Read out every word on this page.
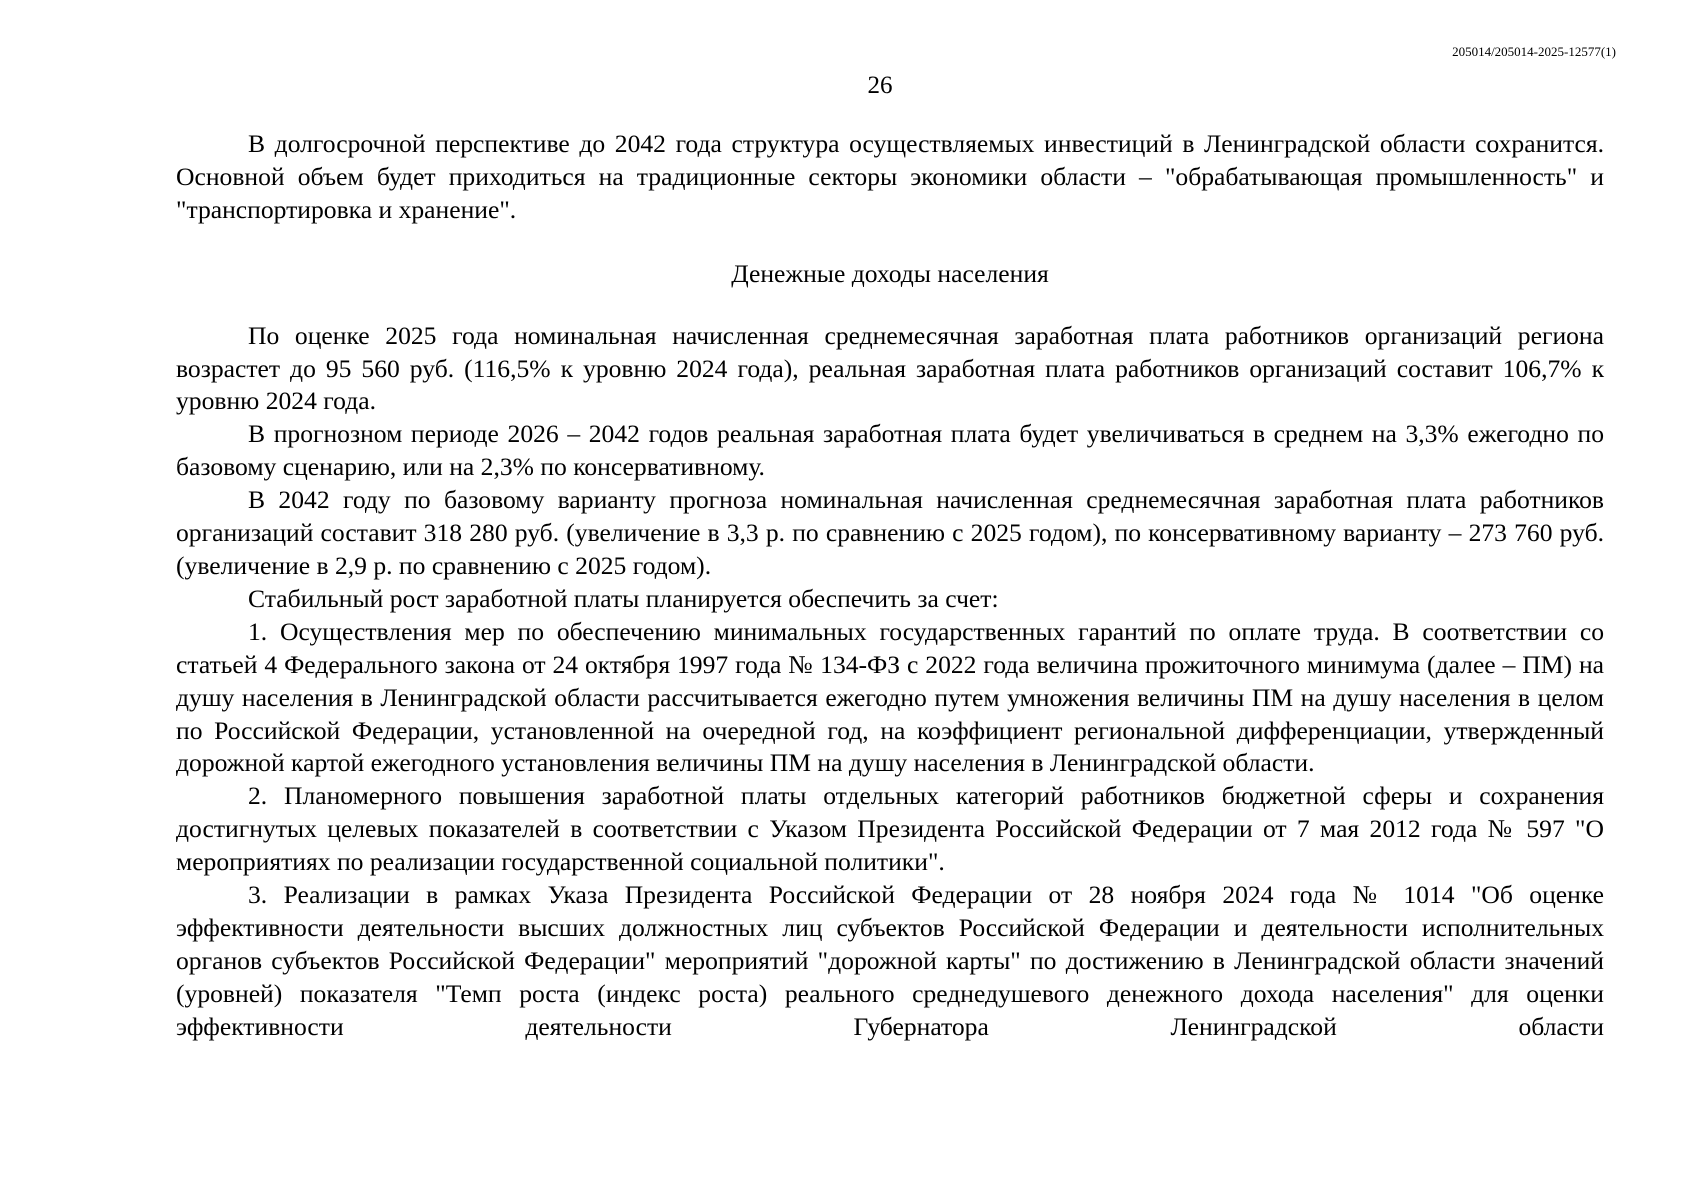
205014/205014-2025-12577(1)
26

В долгосрочной перспективе до 2042 года структура осуществляемых инвестиций в Ленинградской области сохранится. Основной объем будет приходиться на традиционные секторы экономики области – "обрабатывающая промышленность" и "транспортировка и хранение".

Денежные доходы населения

По оценке 2025 года номинальная начисленная среднемесячная заработная плата работников организаций региона возрастет до 95 560 руб. (116,5% к уровню 2024 года), реальная заработная плата работников организаций составит 106,7% к уровню 2024 года.

В прогнозном периоде 2026 – 2042 годов реальная заработная плата будет увеличиваться в среднем на 3,3% ежегодно по базовому сценарию, или на 2,3% по консервативному.

В 2042 году по базовому варианту прогноза номинальная начисленная среднемесячная заработная плата работников организаций составит 318 280 руб. (увеличение в 3,3 р. по сравнению с 2025 годом), по консервативному варианту – 273 760 руб. (увеличение в 2,9 р. по сравнению с 2025 годом).

Стабильный рост заработной платы планируется обеспечить за счет:

1. Осуществления мер по обеспечению минимальных государственных гарантий по оплате труда. В соответствии со статьей 4 Федерального закона от 24 октября 1997 года № 134-ФЗ с 2022 года величина прожиточного минимума (далее – ПМ) на душу населения в Ленинградской области рассчитывается ежегодно путем умножения величины ПМ на душу населения в целом по Российской Федерации, установленной на очередной год, на коэффициент региональной дифференциации, утвержденный дорожной картой ежегодного установления величины ПМ на душу населения в Ленинградской области.

2. Планомерного повышения заработной платы отдельных категорий работников бюджетной сферы и сохранения достигнутых целевых показателей в соответствии с Указом Президента Российской Федерации от 7 мая 2012 года № 597 "О мероприятиях по реализации государственной социальной политики".

3. Реализации в рамках Указа Президента Российской Федерации от 28 ноября 2024 года № 1014 "Об оценке эффективности деятельности высших должностных лиц субъектов Российской Федерации и деятельности исполнительных органов субъектов Российской Федерации" мероприятий "дорожной карты" по достижению в Ленинградской области значений (уровней) показателя "Темп роста (индекс роста) реального среднедушевого денежного дохода населения" для оценки эффективности деятельности Губернатора Ленинградской области
